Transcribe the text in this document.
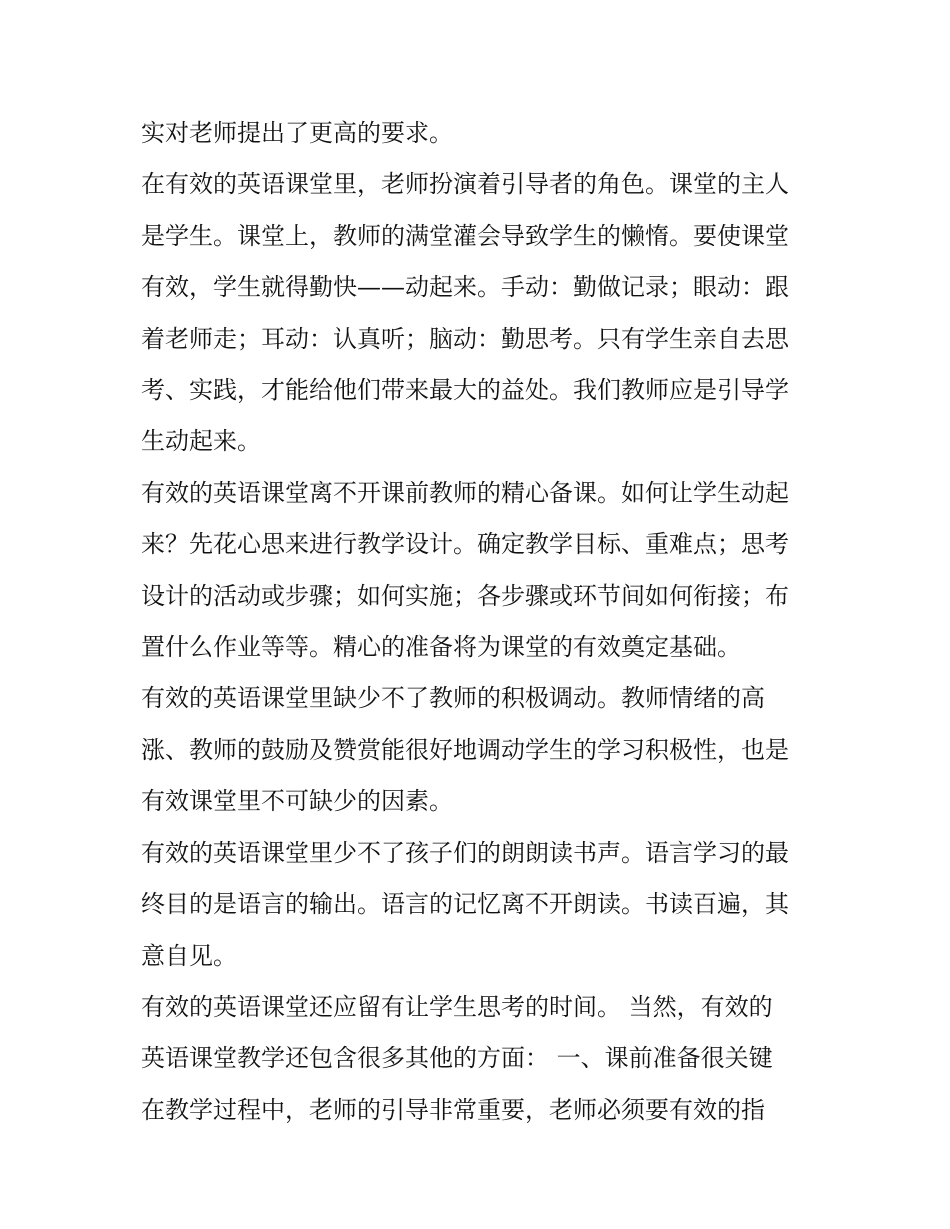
实对老师提出了更高的要求。

在有效的英语课堂里，老师扮演着引导者的角色。课堂的主人
是学生。课堂上，教师的满堂灌会导致学生的懒惰。要使课堂
有效，学生就得勤快——动起来。手动：勤做记录；眼动：跟
着老师走；耳动：认真听；脑动：勤思考。只有学生亲自去思
考、实践，才能给他们带来最大的益处。我们教师应是引导学
生动起来。

有效的英语课堂离不开课前教师的精心备课。如何让学生动起
来？先花心思来进行教学设计。确定教学目标、重难点；思考
设计的活动或步骤；如何实施；各步骤或环节间如何衔接；布
置什么作业等等。精心的准备将为课堂的有效奠定基础。

有效的英语课堂里缺少不了教师的积极调动。教师情绪的高
涨、教师的鼓励及赞赏能很好地调动学生的学习积极性，也是
有效课堂里不可缺少的因素。

有效的英语课堂里少不了孩子们的朗朗读书声。语言学习的最
终目的是语言的输出。语言的记忆离不开朗读。书读百遍，其
意自见。

有效的英语课堂还应留有让学生思考的时间。 当然，有效的
英语课堂教学还包含很多其他的方面： 一、课前准备很关键
在教学过程中，老师的引导非常重要，老师必须要有效的指
